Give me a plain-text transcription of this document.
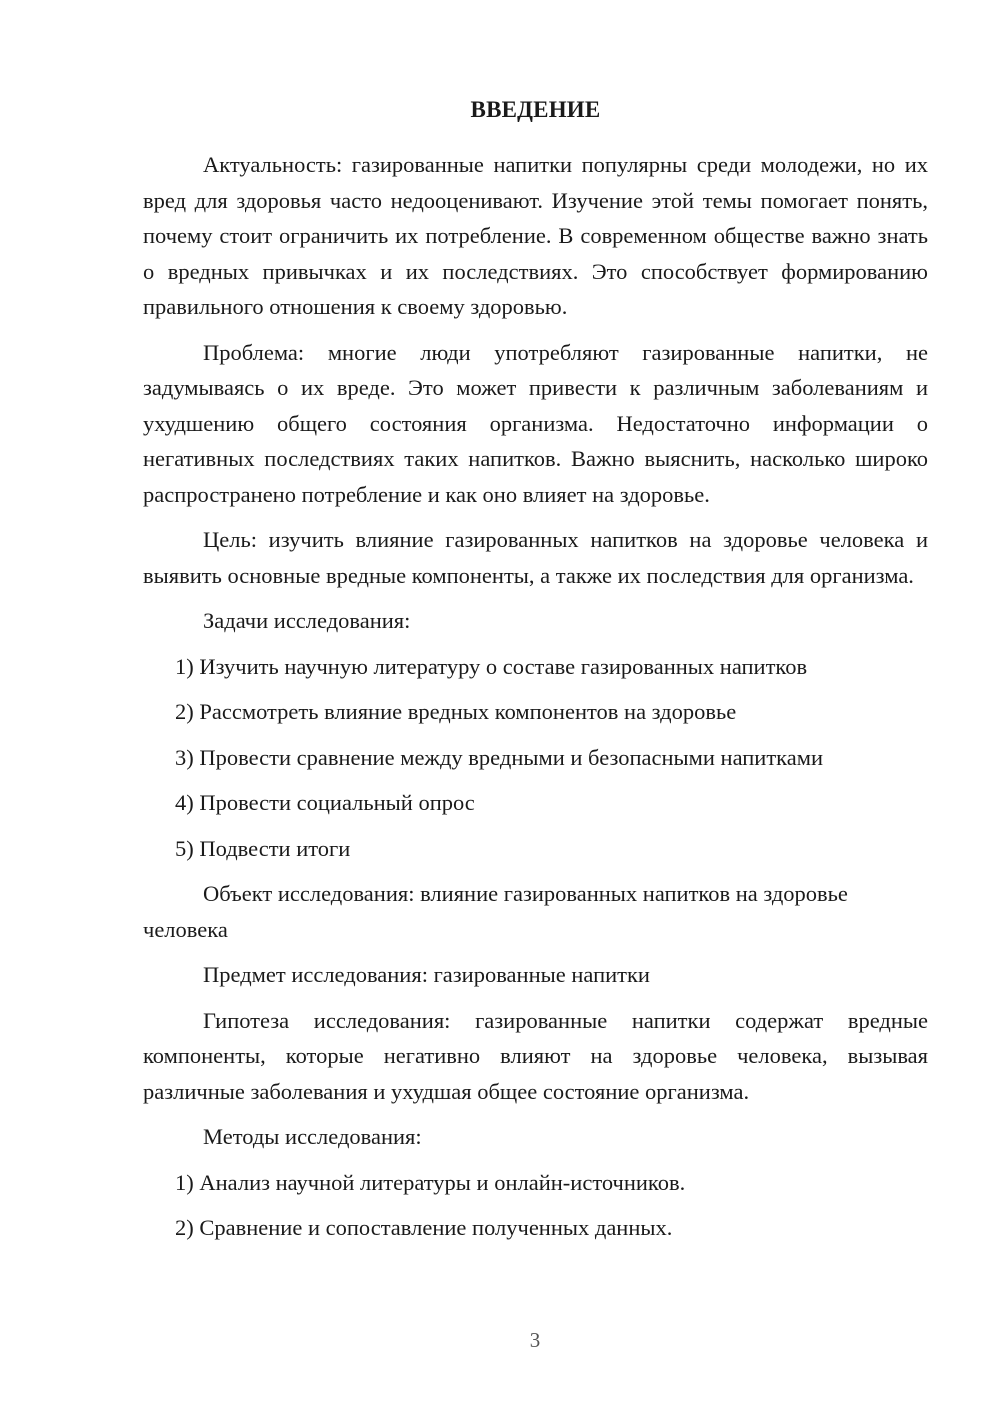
ВВЕДЕНИЕ

Актуальность: газированные напитки популярны среди молодежи, но их вред для здоровья часто недооценивают. Изучение этой темы помогает понять, почему стоит ограничить их потребление. В современном обществе важно знать о вредных привычках и их последствиях. Это способствует формированию правильного отношения к своему здоровью.

Проблема: многие люди употребляют газированные напитки, не задумываясь о их вреде. Это может привести к различным заболеваниям и ухудшению общего состояния организма. Недостаточно информации о негативных последствиях таких напитков. Важно выяснить, насколько широко распространено потребление и как оно влияет на здоровье.

Цель: изучить влияние газированных напитков на здоровье человека и выявить основные вредные компоненты, а также их последствия для организма.

Задачи исследования:

1) Изучить научную литературу о составе газированных напитков
2) Рассмотреть влияние вредных компонентов на здоровье
3) Провести сравнение между вредными и безопасными напитками
4) Провести социальный опрос
5) Подвести итоги

Объект исследования: влияние газированных напитков на здоровье человека

Предмет исследования: газированные напитки

Гипотеза исследования: газированные напитки содержат вредные компоненты, которые негативно влияют на здоровье человека, вызывая различные заболевания и ухудшая общее состояние организма.

Методы исследования:

1) Анализ научной литературы и онлайн-источников.
2) Сравнение и сопоставление полученных данных.
3
